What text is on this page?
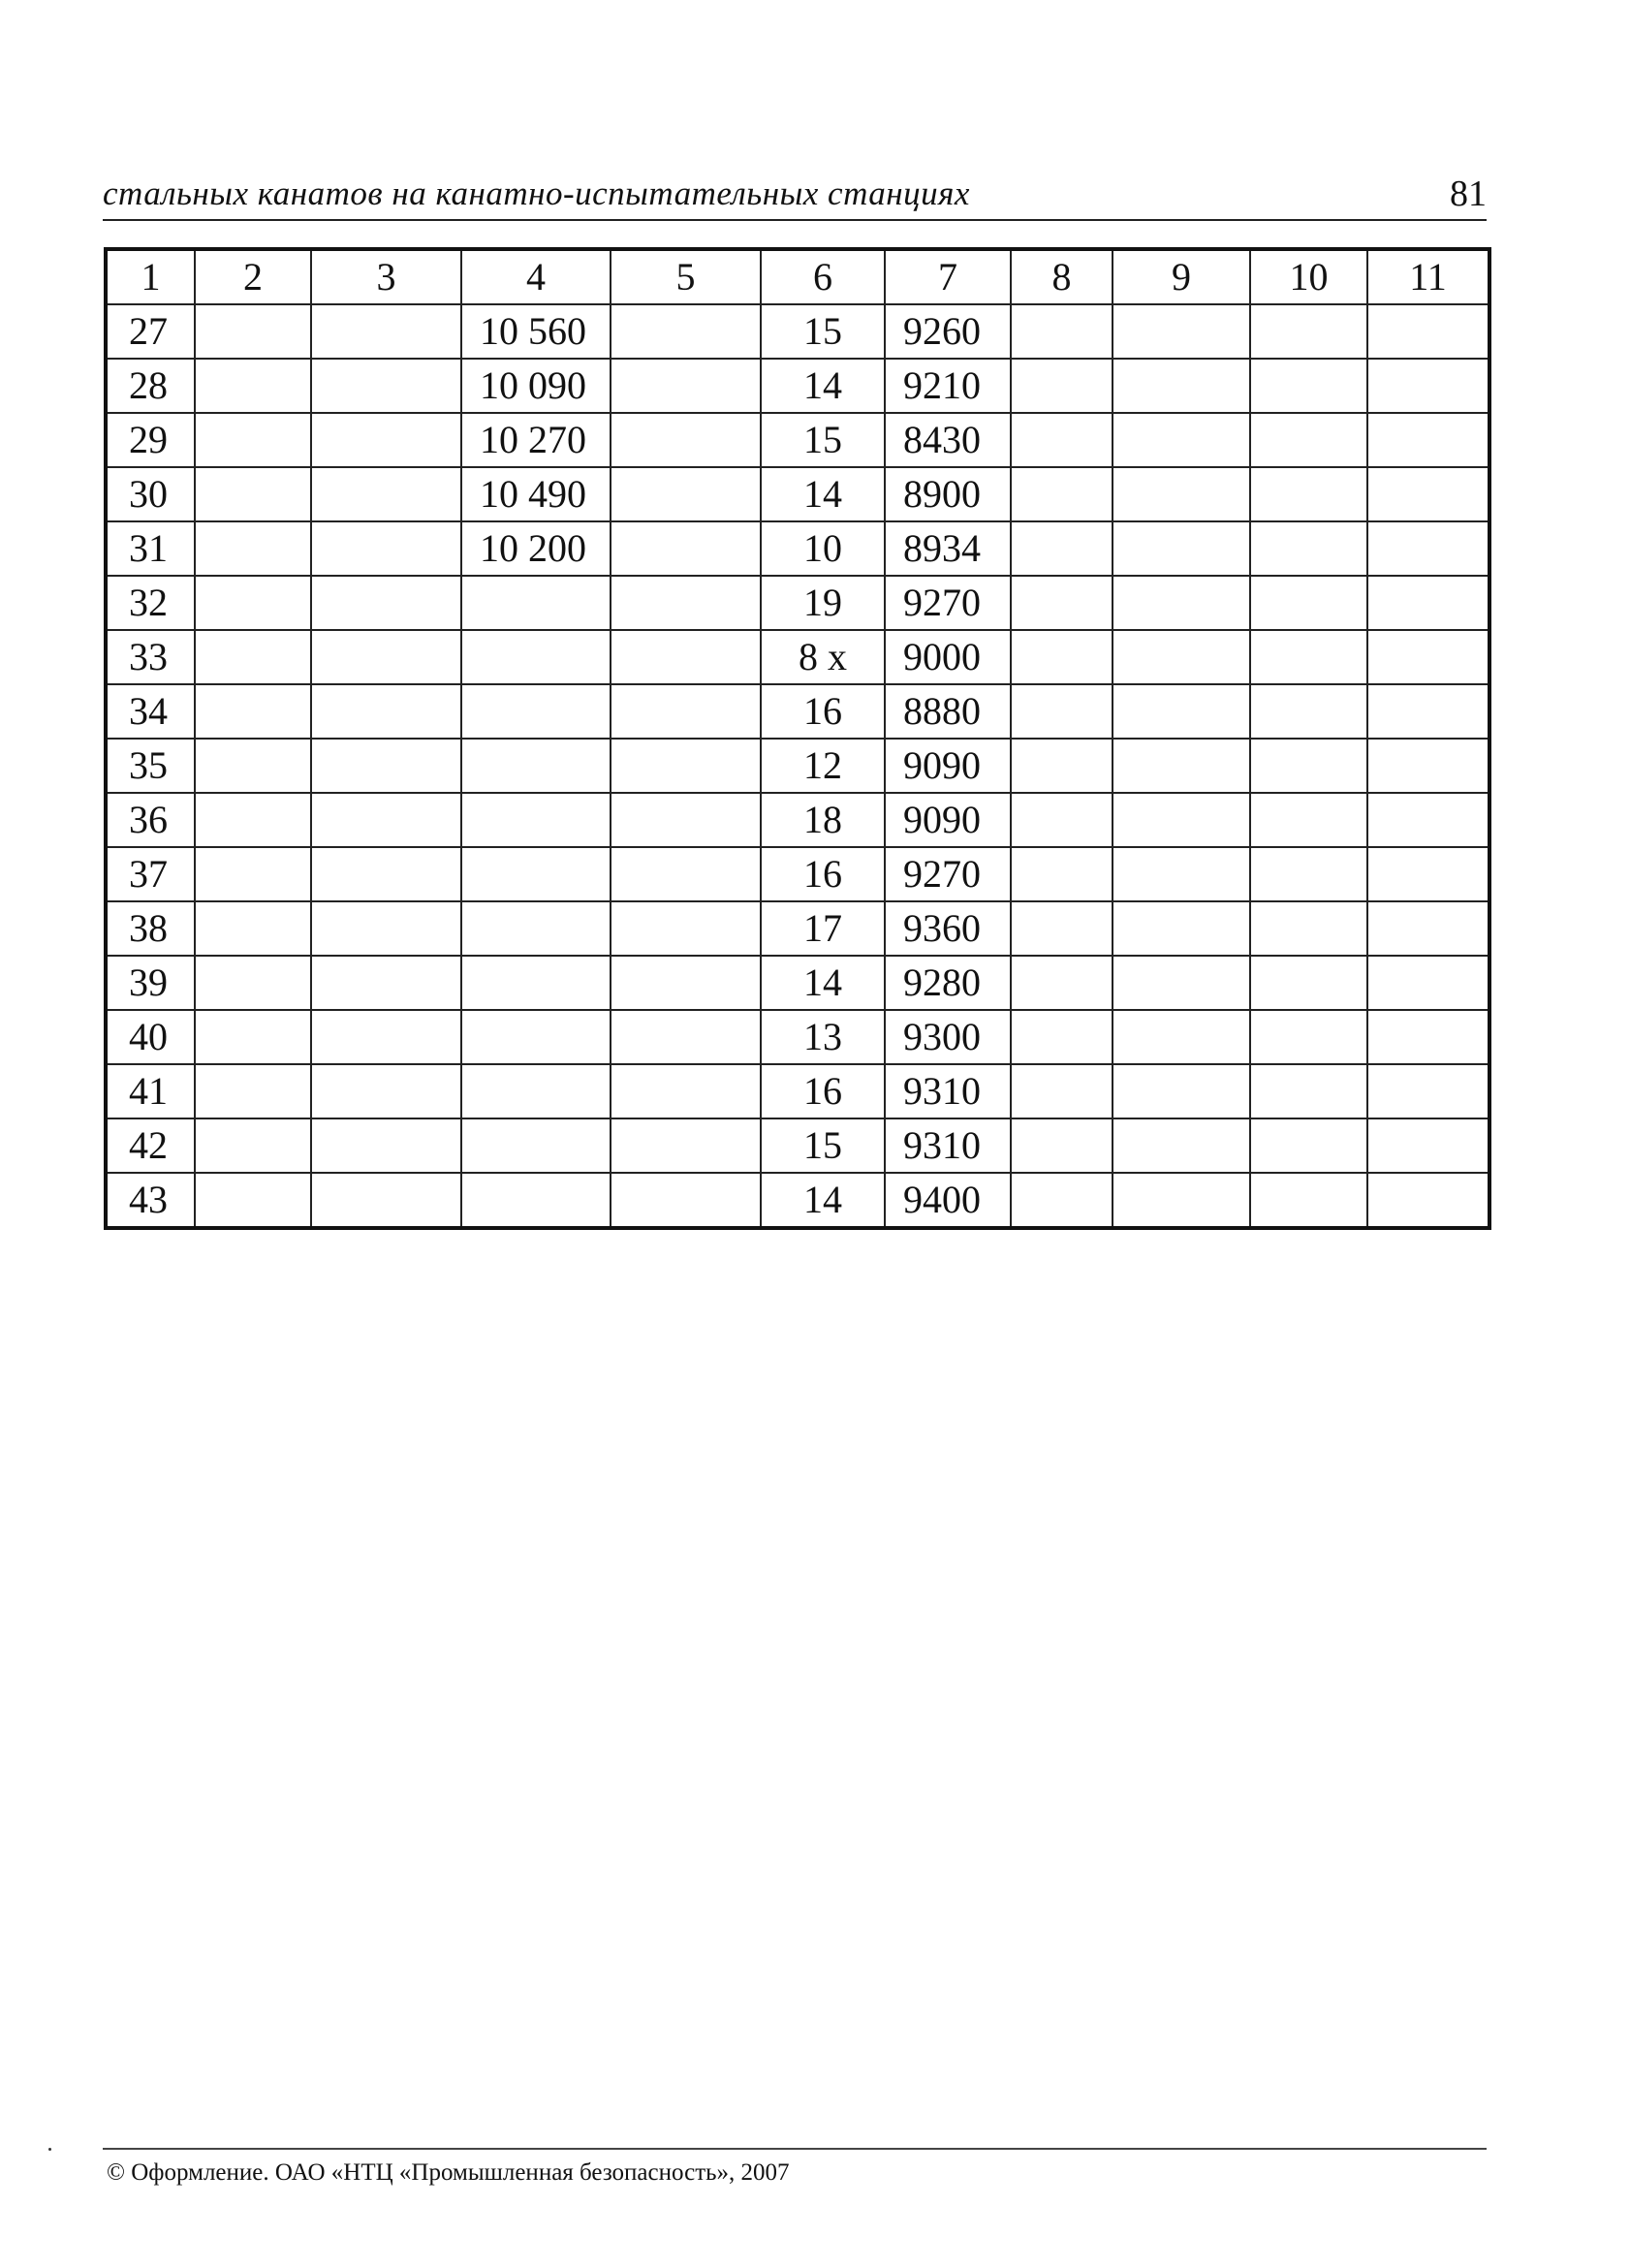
стальных канатов на канатно-испытательных станциях	81
1	2	3	4	5	6	7	8	9	10	11
27			10 560		15	9260				
28			10 090		14	9210				
29			10 270		15	8430				
30			10 490		14	8900				
31			10 200		10	8934				
32					19	9270				
33					8 x	9000				
34					16	8880				
35					12	9090				
36					18	9090				
37					16	9270				
38					17	9360				
39					14	9280				
40					13	9300				
41					16	9310				
42					15	9310				
43					14	9400				
© Оформление. ОАО «НТЦ «Промышленная безопасность», 2007
